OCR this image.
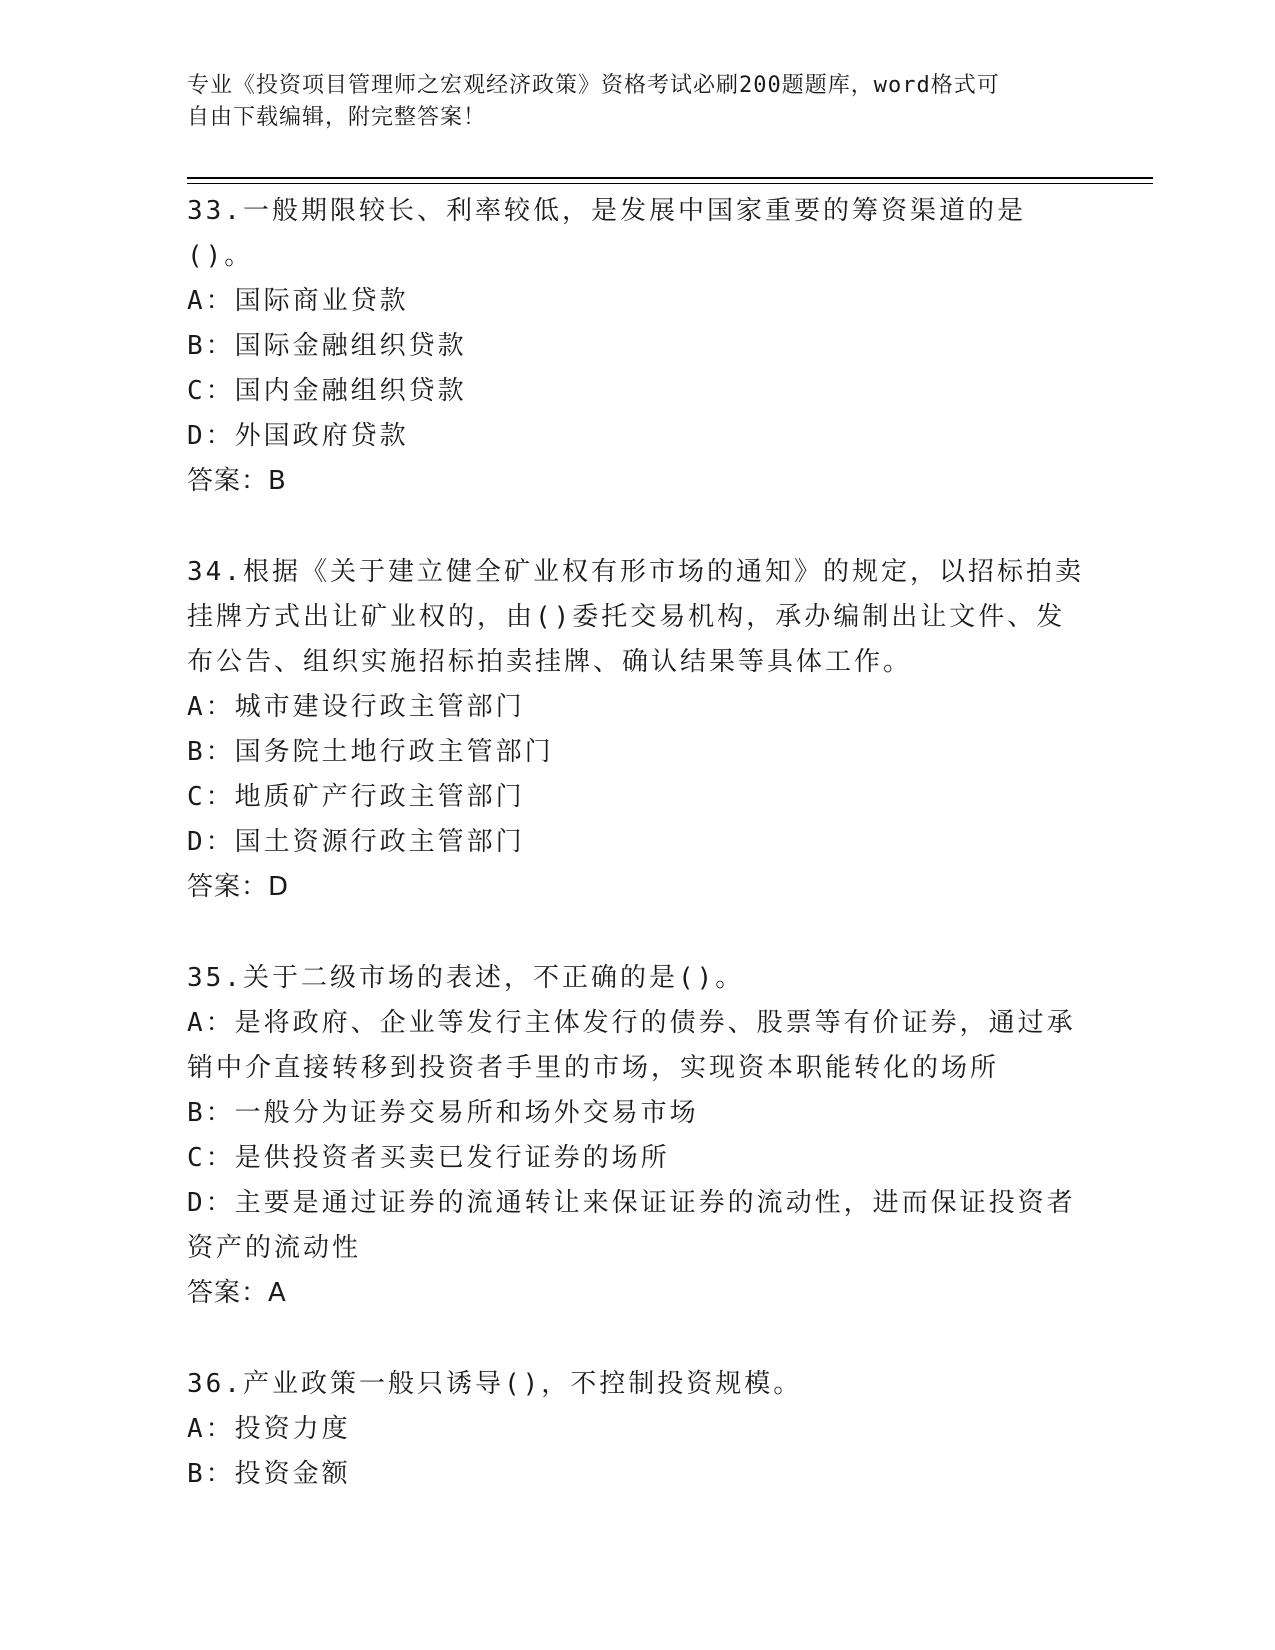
专业《投资项目管理师之宏观经济政策》资格考试必刷200题题库，word格式可
自由下载编辑，附完整答案！
33.一般期限较长、利率较低，是发展中国家重要的筹资渠道的是()。
A：国际商业贷款
B：国际金融组织贷款
C：国内金融组织贷款
D：外国政府贷款
答案：B
34.根据《关于建立健全矿业权有形市场的通知》的规定，以招标拍卖
挂牌方式出让矿业权的，由()委托交易机构，承办编制出让文件、发
布公告、组织实施招标拍卖挂牌、确认结果等具体工作。
A：城市建设行政主管部门
B：国务院土地行政主管部门
C：地质矿产行政主管部门
D：国土资源行政主管部门
答案：D
35.关于二级市场的表述，不正确的是()。
A：是将政府、企业等发行主体发行的债券、股票等有价证券，通过承
销中介直接转移到投资者手里的市场，实现资本职能转化的场所
B：一般分为证券交易所和场外交易市场
C：是供投资者买卖已发行证券的场所
D：主要是通过证券的流通转让来保证证券的流动性，进而保证投资者
资产的流动性
答案：A
36.产业政策一般只诱导()，不控制投资规模。
A：投资力度
B：投资金额
